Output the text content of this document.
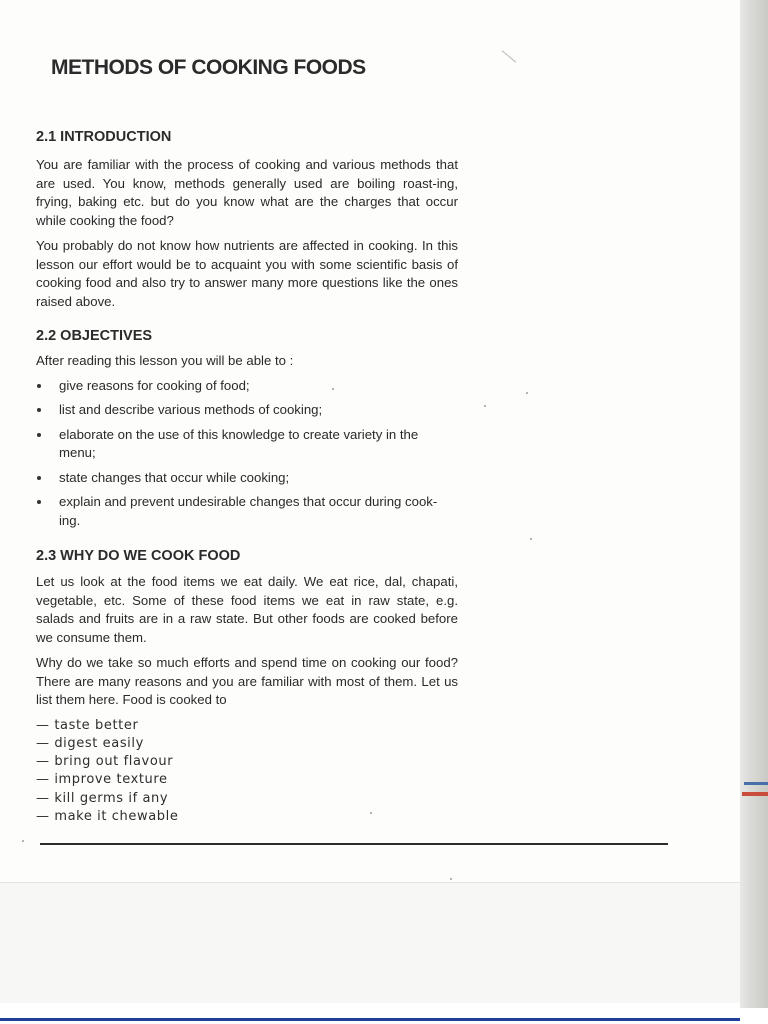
METHODS OF COOKING FOODS
2.1 INTRODUCTION

You are familiar with the process of cooking and various methods that are used. You know, methods generally used are boiling roast-ing, frying, baking etc. but do you know what are the charges that occur while cooking the food?

You probably do not know how nutrients are affected in cooking. In this lesson our effort would be to acquaint you with some scientific basis of cooking food and also try to answer many more questions like the ones raised above.

2.2 OBJECTIVES

After reading this lesson you will be able to :

give reasons for cooking of food;
list and describe various methods of cooking;
elaborate on the use of this knowledge to create variety in the menu;
state changes that occur while cooking;
explain and prevent undesirable changes that occur during cook-ing.
2.3 WHY DO WE COOK FOOD

Let us look at the food items we eat daily. We eat rice, dal, chapati, vegetable, etc. Some of these food items we eat in raw state, e.g. salads and fruits are in a raw state. But other foods are cooked before we consume them.

Why do we take so much efforts and spend time on cooking our food? There are many reasons and you are familiar with most of them. Let us list them here. Food is cooked to

— taste better
— digest easily
— bring out flavour
— improve texture
— kill germs if any
— make it chewable
